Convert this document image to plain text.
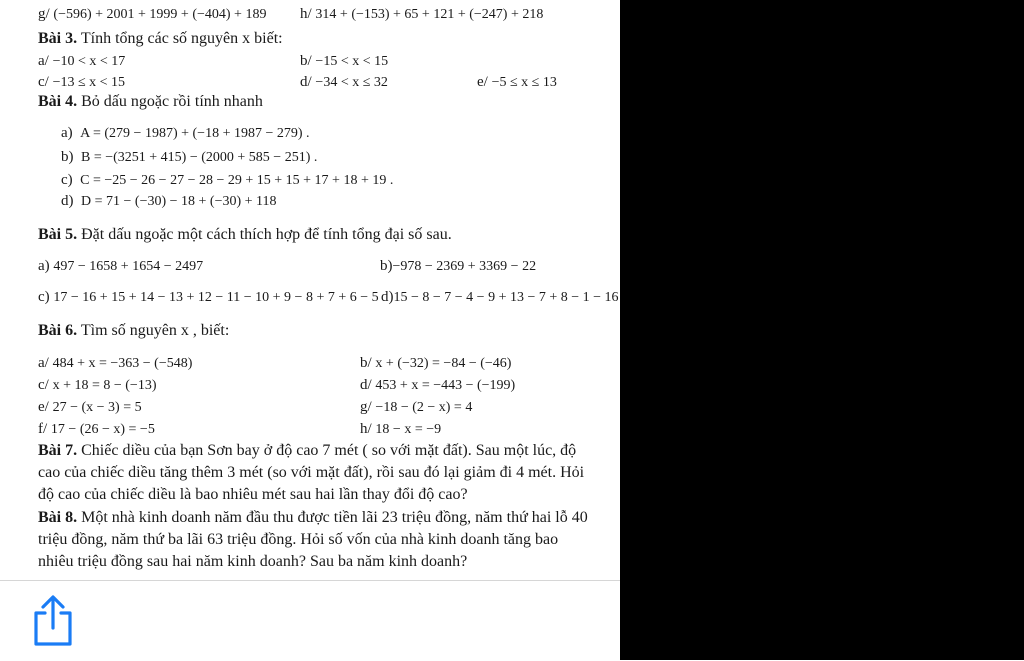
g/ (−596) + 2001 + 1999 + (−404) + 189 h/ 314 + (−153) + 65 + 121 + (−247) + 218
Bài 3. Tính tổng các số nguyên x biết:
a/ −10 < x < 17	b/ −15 < x < 15
c/ −13 ≤ x < 15	d/ −34 < x ≤ 32	e/ −5 ≤ x ≤ 13
Bài 4. Bỏ dấu ngoặc rồi tính nhanh
a) A = (279 − 1987) + (−18 + 1987 − 279) .
b) B = −(3251 + 415) − (2000 + 585 − 251) .
c) C = −25 − 26 − 27 − 28 − 29 + 15 + 15 + 17 + 18 + 19 .
d) D = 71 − (−30) − 18 + (−30) + 118
Bài 5. Đặt dấu ngoặc một cách thích hợp để tính tổng đại số sau.
a) 497 − 1658 + 1654 − 2497	b)−978 − 2369 + 3369 − 22
c) 17 − 16 + 15 + 14 − 13 + 12 − 11 − 10 + 9 − 8 + 7 + 6 − 5 d)15 − 8 − 7 − 4 − 9 + 13 − 7 + 8 − 1 − 16
Bài 6. Tìm số nguyên x , biết:
a/ 484 + x = −363 − (−548)	b/ x + (−32) = −84 − (−46)
c/ x + 18 = 8 − (−13)	d/ 453 + x = −443 − (−199)
e/ 27 − (x − 3) = 5	g/ −18 − (2 − x) = 4
f/ 17 − (26 − x) = −5	h/ 18 − x = −9
Bài 7. Chiếc diều của bạn Sơn bay ở độ cao 7 mét ( so với mặt đất). Sau một lúc, độ
cao của chiếc diều tăng thêm 3 mét (so với mặt đất), rồi sau đó lại giảm đi 4 mét. Hỏi
độ cao của chiếc diều là bao nhiêu mét sau hai lần thay đổi độ cao?
Bài 8. Một nhà kinh doanh năm đầu thu được tiền lãi 23 triệu đồng, năm thứ hai lỗ 40
triệu đồng, năm thứ ba lãi 63 triệu đồng. Hỏi số vốn của nhà kinh doanh tăng bao
nhiêu triệu đồng sau hai năm kinh doanh? Sau ba năm kinh doanh?
